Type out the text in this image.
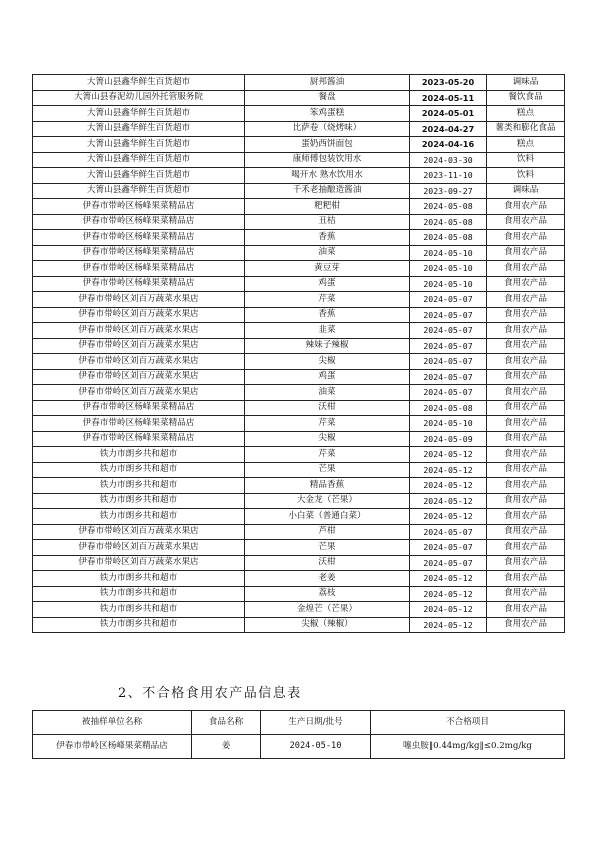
大箐山县鑫华鲜生百货超市	厨邦酱油	2023-05-20	调味品
大箐山县春泥幼儿园外托管服务院	餐盘	2024-05-11	餐饮食品
大箐山县鑫华鲜生百货超市	笨鸡蛋糕	2024-05-01	糕点
大箐山县鑫华鲜生百货超市	比萨卷（烧烤味）	2024-04-27	薯类和膨化食品
大箐山县鑫华鲜生百货超市	蛋奶西饼面包	2024-04-16	糕点
大箐山县鑫华鲜生百货超市	康师傅包装饮用水	2024-03-30	饮料
大箐山县鑫华鲜生百货超市	喝开水 熟水饮用水	2023-11-10	饮料
大箐山县鑫华鲜生百货超市	千禾老抽酿造酱油	2023-09-27	调味品
伊春市带岭区杨峰果菜精品店	粑粑柑	2024-05-08	食用农产品
伊春市带岭区杨峰果菜精品店	丑桔	2024-05-08	食用农产品
伊春市带岭区杨峰果菜精品店	香蕉	2024-05-08	食用农产品
伊春市带岭区杨峰果菜精品店	油菜	2024-05-10	食用农产品
伊春市带岭区杨峰果菜精品店	黄豆芽	2024-05-10	食用农产品
伊春市带岭区杨峰果菜精品店	鸡蛋	2024-05-10	食用农产品
伊春市带岭区刘百万蔬菜水果店	芹菜	2024-05-07	食用农产品
伊春市带岭区刘百万蔬菜水果店	香蕉	2024-05-07	食用农产品
伊春市带岭区刘百万蔬菜水果店	韭菜	2024-05-07	食用农产品
伊春市带岭区刘百万蔬菜水果店	辣妹子辣椒	2024-05-07	食用农产品
伊春市带岭区刘百万蔬菜水果店	尖椒	2024-05-07	食用农产品
伊春市带岭区刘百万蔬菜水果店	鸡蛋	2024-05-07	食用农产品
伊春市带岭区刘百万蔬菜水果店	油菜	2024-05-07	食用农产品
伊春市带岭区杨峰果菜精品店	沃柑	2024-05-08	食用农产品
伊春市带岭区杨峰果菜精品店	芹菜	2024-05-10	食用农产品
伊春市带岭区杨峰果菜精品店	尖椒	2024-05-09	食用农产品
铁力市朗乡共和超市	芹菜	2024-05-12	食用农产品
铁力市朗乡共和超市	芒果	2024-05-12	食用农产品
铁力市朗乡共和超市	精品香蕉	2024-05-12	食用农产品
铁力市朗乡共和超市	大金龙（芒果）	2024-05-12	食用农产品
铁力市朗乡共和超市	小白菜（普通白菜）	2024-05-12	食用农产品
伊春市带岭区刘百万蔬菜水果店	芦柑	2024-05-07	食用农产品
伊春市带岭区刘百万蔬菜水果店	芒果	2024-05-07	食用农产品
伊春市带岭区刘百万蔬菜水果店	沃柑	2024-05-07	食用农产品
铁力市朗乡共和超市	老姜	2024-05-12	食用农产品
铁力市朗乡共和超市	荔枝	2024-05-12	食用农产品
铁力市朗乡共和超市	金煌芒（芒果）	2024-05-12	食用农产品
铁力市朗乡共和超市	尖椒（辣椒）	2024-05-12	食用农产品
2、不合格食用农产品信息表
被抽样单位名称	食品名称	生产日期/批号	不合格项目
伊春市带岭区杨峰果菜精品店	姜	2024-05-10	噻虫胺‖0.44mg/kg‖≤0.2mg/kg
